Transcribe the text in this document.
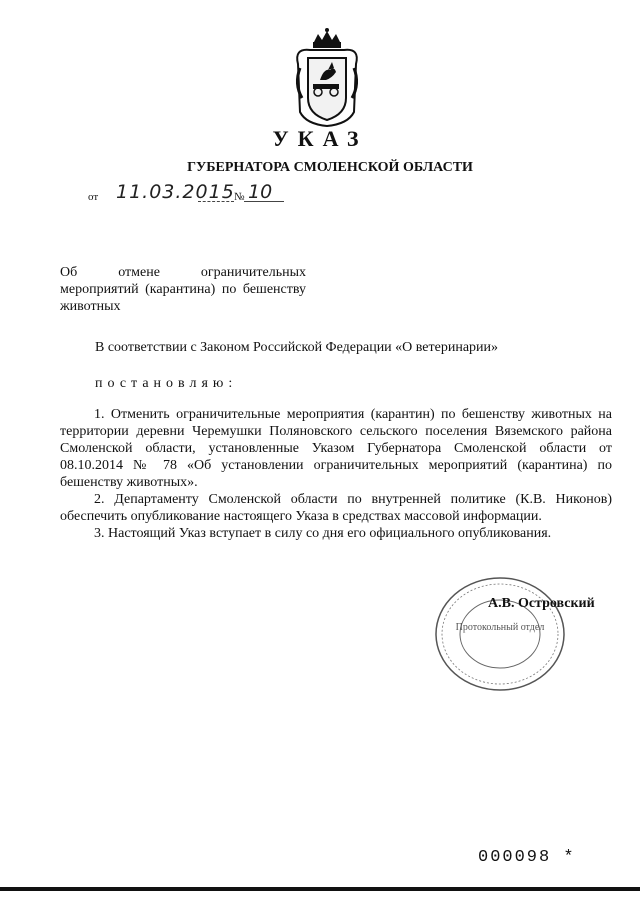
УКАЗ
ГУБЕРНАТОРА СМОЛЕНСКОЙ ОБЛАСТИ
от 11.03.2015 № 10
Об отмене ограничительных мероприятий (карантина) по бешенству животных
В соответствии с Законом Российской Федерации «О ветеринарии»
постановляю:

1. Отменить ограничительные мероприятия (карантин) по бешенству животных на территории деревни Черемушки Поляновского сельского поселения Вяземского района Смоленской области, установленные Указом Губернатора Смоленской области от 08.10.2014 № 78 «Об установлении ограничительных мероприятий (карантина) по бешенству животных».

2. Департаменту Смоленской области по внутренней политике (К.В. Никонов) обеспечить опубликование настоящего Указа в средствах массовой информации.

3. Настоящий Указ вступает в силу со дня его официального опубликования.

Протокольный отдел
А.В. Островский
000098 *
